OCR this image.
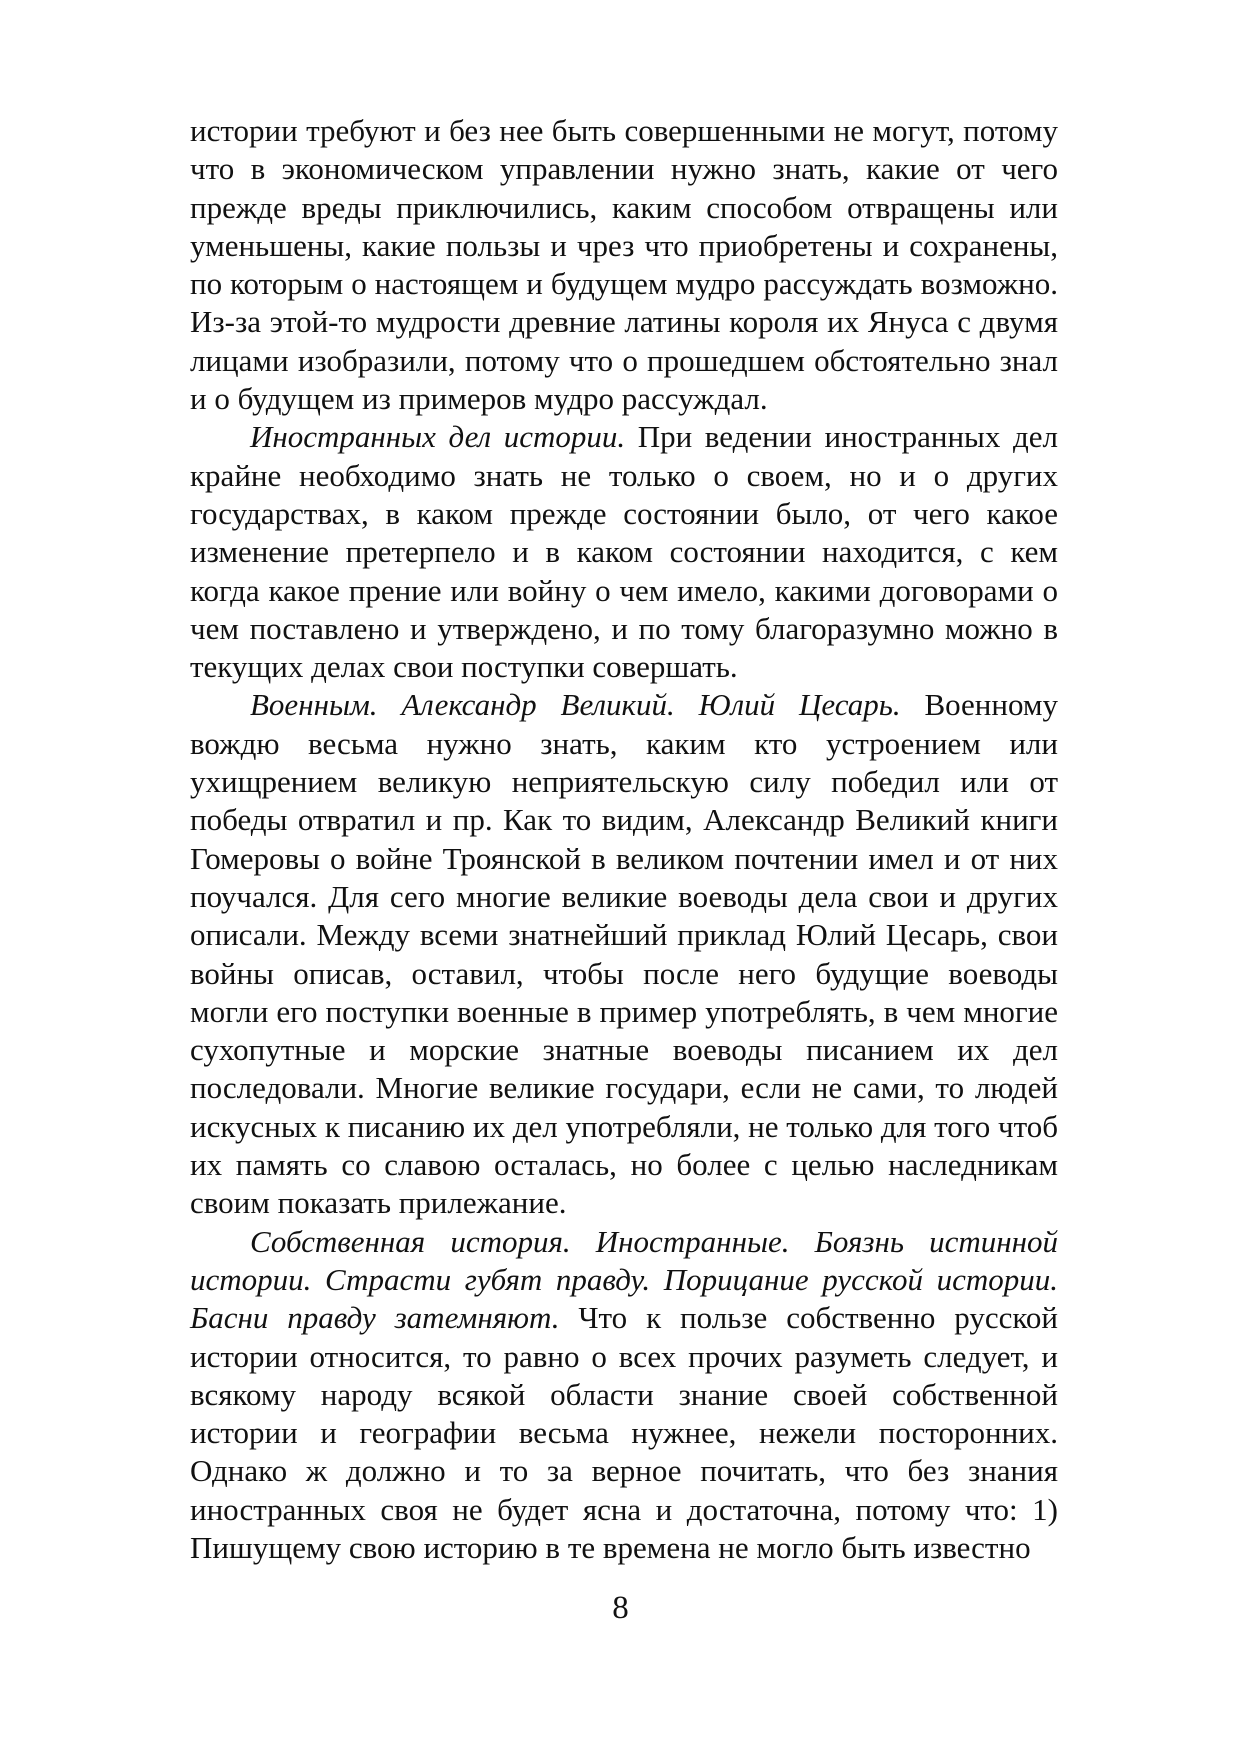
истории требуют и без нее быть совершенными не могут, потому что в экономическом управлении нужно знать, какие от чего прежде вреды приключились, каким способом отвращены или уменьшены, какие пользы и чрез что приобретены и сохранены, по которым о настоящем и будущем мудро рассуждать возможно. Из-за этой-то мудрости древние латины короля их Януса с двумя лицами изобразили, потому что о прошедшем обстоятельно знал и о будущем из примеров мудро рассуждал.

Иностранных дел истории. При ведении иностранных дел крайне необходимо знать не только о своем, но и о других государствах, в каком прежде состоянии было, от чего какое изменение претерпело и в каком состоянии находится, с кем когда какое прение или войну о чем имело, какими договорами о чем поставлено и утверждено, и по тому благоразумно можно в текущих делах свои поступки совершать.

Военным. Александр Великий. Юлий Цесарь. Военному вождю весьма нужно знать, каким кто устроением или ухищрением великую неприятельскую силу победил или от победы отвратил и пр. Как то видим, Александр Великий книги Гомеровы о войне Троянской в великом почтении имел и от них поучался. Для сего многие великие воеводы дела свои и других описали. Между всеми знатнейший приклад Юлий Цесарь, свои войны описав, оставил, чтобы после него будущие воеводы могли его поступки военные в пример употреблять, в чем многие сухопутные и морские знатные воеводы писанием их дел последовали. Многие великие государи, если не сами, то людей искусных к писанию их дел употребляли, не только для того чтоб их память со славою осталась, но более с целью наследникам своим показать прилежание.

Собственная история. Иностранные. Боязнь истинной истории. Страсти губят правду. Порицание русской истории. Басни правду затемняют. Что к пользе собственно русской истории относится, то равно о всех прочих разуметь следует, и всякому народу всякой области знание своей собственной истории и географии весьма нужнее, нежели посторонних. Однако ж должно и то за верное почитать, что без знания иностранных своя не будет ясна и достаточна, потому что: 1) Пишущему свою историю в те времена не могло быть известно

8
